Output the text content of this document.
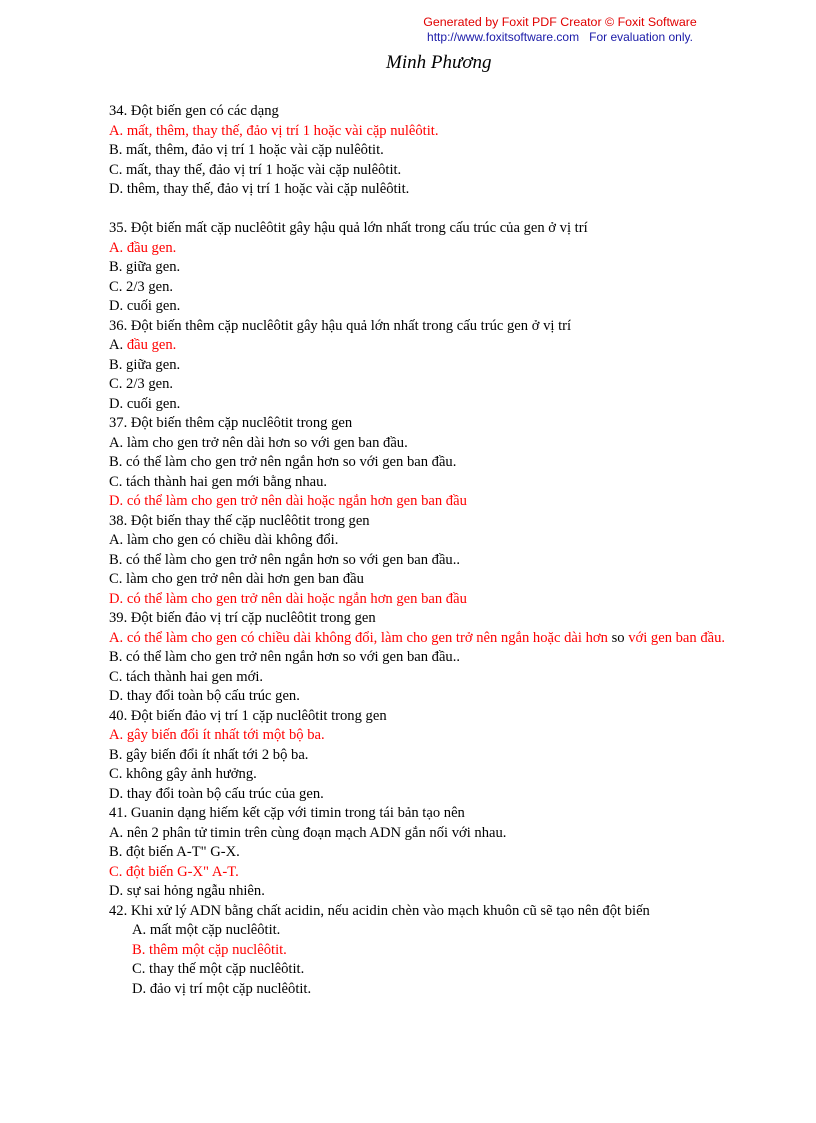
Generated by Foxit PDF Creator © Foxit Software
http://www.foxitsoftware.com For evaluation only.
Minh Phương
34. Đột biến gen có các dạng
A. mất, thêm, thay thế, đảo vị trí 1 hoặc vài cặp nulêôtit.
B. mất, thêm, đảo vị trí 1 hoặc vài cặp nulêôtit.
C. mất, thay thế, đảo vị trí 1 hoặc vài cặp nulêôtit.
D. thêm, thay thế, đảo vị trí 1 hoặc vài cặp nulêôtit.
35. Đột biến mất cặp nuclêôtit gây hậu quả lớn nhất trong cấu trúc của gen ở vị trí
A. đầu gen.
B. giữa gen.
C. 2/3 gen.
D. cuối gen.
36. Đột biến thêm cặp nuclêôtit gây hậu quả lớn nhất trong cấu trúc gen ở vị trí
A. đầu gen.
B. giữa gen.
C. 2/3 gen.
D. cuối gen.
37. Đột biến thêm cặp nuclêôtit trong gen
A. làm cho gen trở nên dài hơn so với gen ban đầu.
B. có thể làm cho gen trở nên ngắn hơn so với gen ban đầu.
C. tách thành hai gen mới bằng nhau.
D. có thể làm cho gen trở nên dài hoặc ngắn hơn gen ban đầu
38. Đột biến thay thế cặp nuclêôtit trong gen
A. làm cho gen có chiều dài không đổi.
B. có thể làm cho gen trở nên ngắn hơn so với gen ban đầu..
C. làm cho gen trở nên dài hơn gen ban đầu
D. có thể làm cho gen trở nên dài hoặc ngắn hơn gen ban đầu
39. Đột biến đảo vị trí cặp nuclêôtit trong gen
A. có thể làm cho gen có chiều dài không đổi, làm cho gen trở nên ngắn hoặc dài hơn so với gen ban đầu.
B. có thể làm cho gen trở nên ngắn hơn so với gen ban đầu..
C. tách thành hai gen mới.
D. thay đổi toàn bộ cấu trúc gen.
40. Đột biến đảo vị trí 1 cặp nuclêôtit trong gen
A. gây biến đổi ít nhất tới một bộ ba.
B. gây biến đổi ít nhất tới 2 bộ ba.
C. không gây ảnh hưởng.
D. thay đổi toàn bộ cấu trúc của gen.
41. Guanin dạng hiếm kết cặp với timin trong tái bản tạo nên
A. nên 2 phân tử timin trên cùng đoạn mạch ADN gắn nối với nhau.
B. đột biến A-T" G-X.
C. đột biến G-X" A-T.
D. sự sai hỏng ngẫu nhiên.
42. Khi xử lý ADN bằng chất acidin, nếu acidin chèn vào mạch khuôn cũ sẽ tạo nên đột biến
A. mất một cặp nuclêôtit.
B. thêm một cặp nuclêôtit.
C. thay thế một cặp nuclêôtit.
D. đảo vị trí một cặp nuclêôtit.
